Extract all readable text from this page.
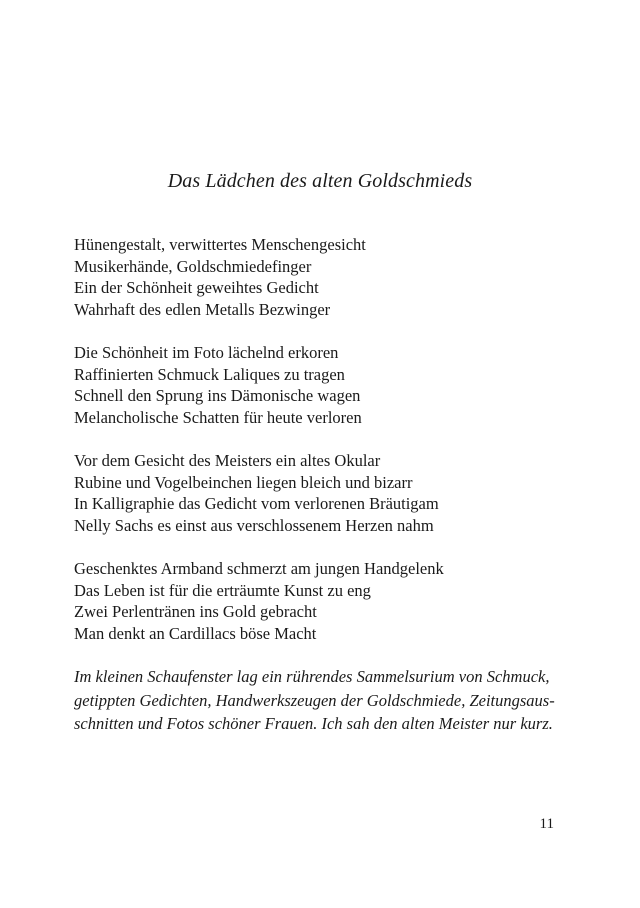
Das Lädchen des alten Goldschmieds
Hünengestalt, verwittertes Menschengesicht
Musikerhände, Goldschmiedefinger
Ein der Schönheit geweihtes Gedicht
Wahrhaft des edlen Metalls Bezwinger
Die Schönheit im Foto lächelnd erkoren
Raffinierten Schmuck Laliques zu tragen
Schnell den Sprung ins Dämonische wagen
Melancholische Schatten für heute verloren
Vor dem Gesicht des Meisters ein altes Okular
Rubine und Vogelbeinchen liegen bleich und bizarr
In Kalligraphie das Gedicht vom verlorenen Bräutigam
Nelly Sachs es einst aus verschlossenem Herzen nahm
Geschenktes Armband schmerzt am jungen Handgelenk
Das Leben ist für die erträumte Kunst zu eng
Zwei Perlentränen ins Gold gebracht
Man denkt an Cardillacs böse Macht
Im kleinen Schaufenster lag ein rührendes Sammelsurium von Schmuck,
getippten Gedichten, Handwerkszeugen der Goldschmiede, Zeitungsaus-
schnitten und Fotos schöner Frauen. Ich sah den alten Meister nur kurz.
11
